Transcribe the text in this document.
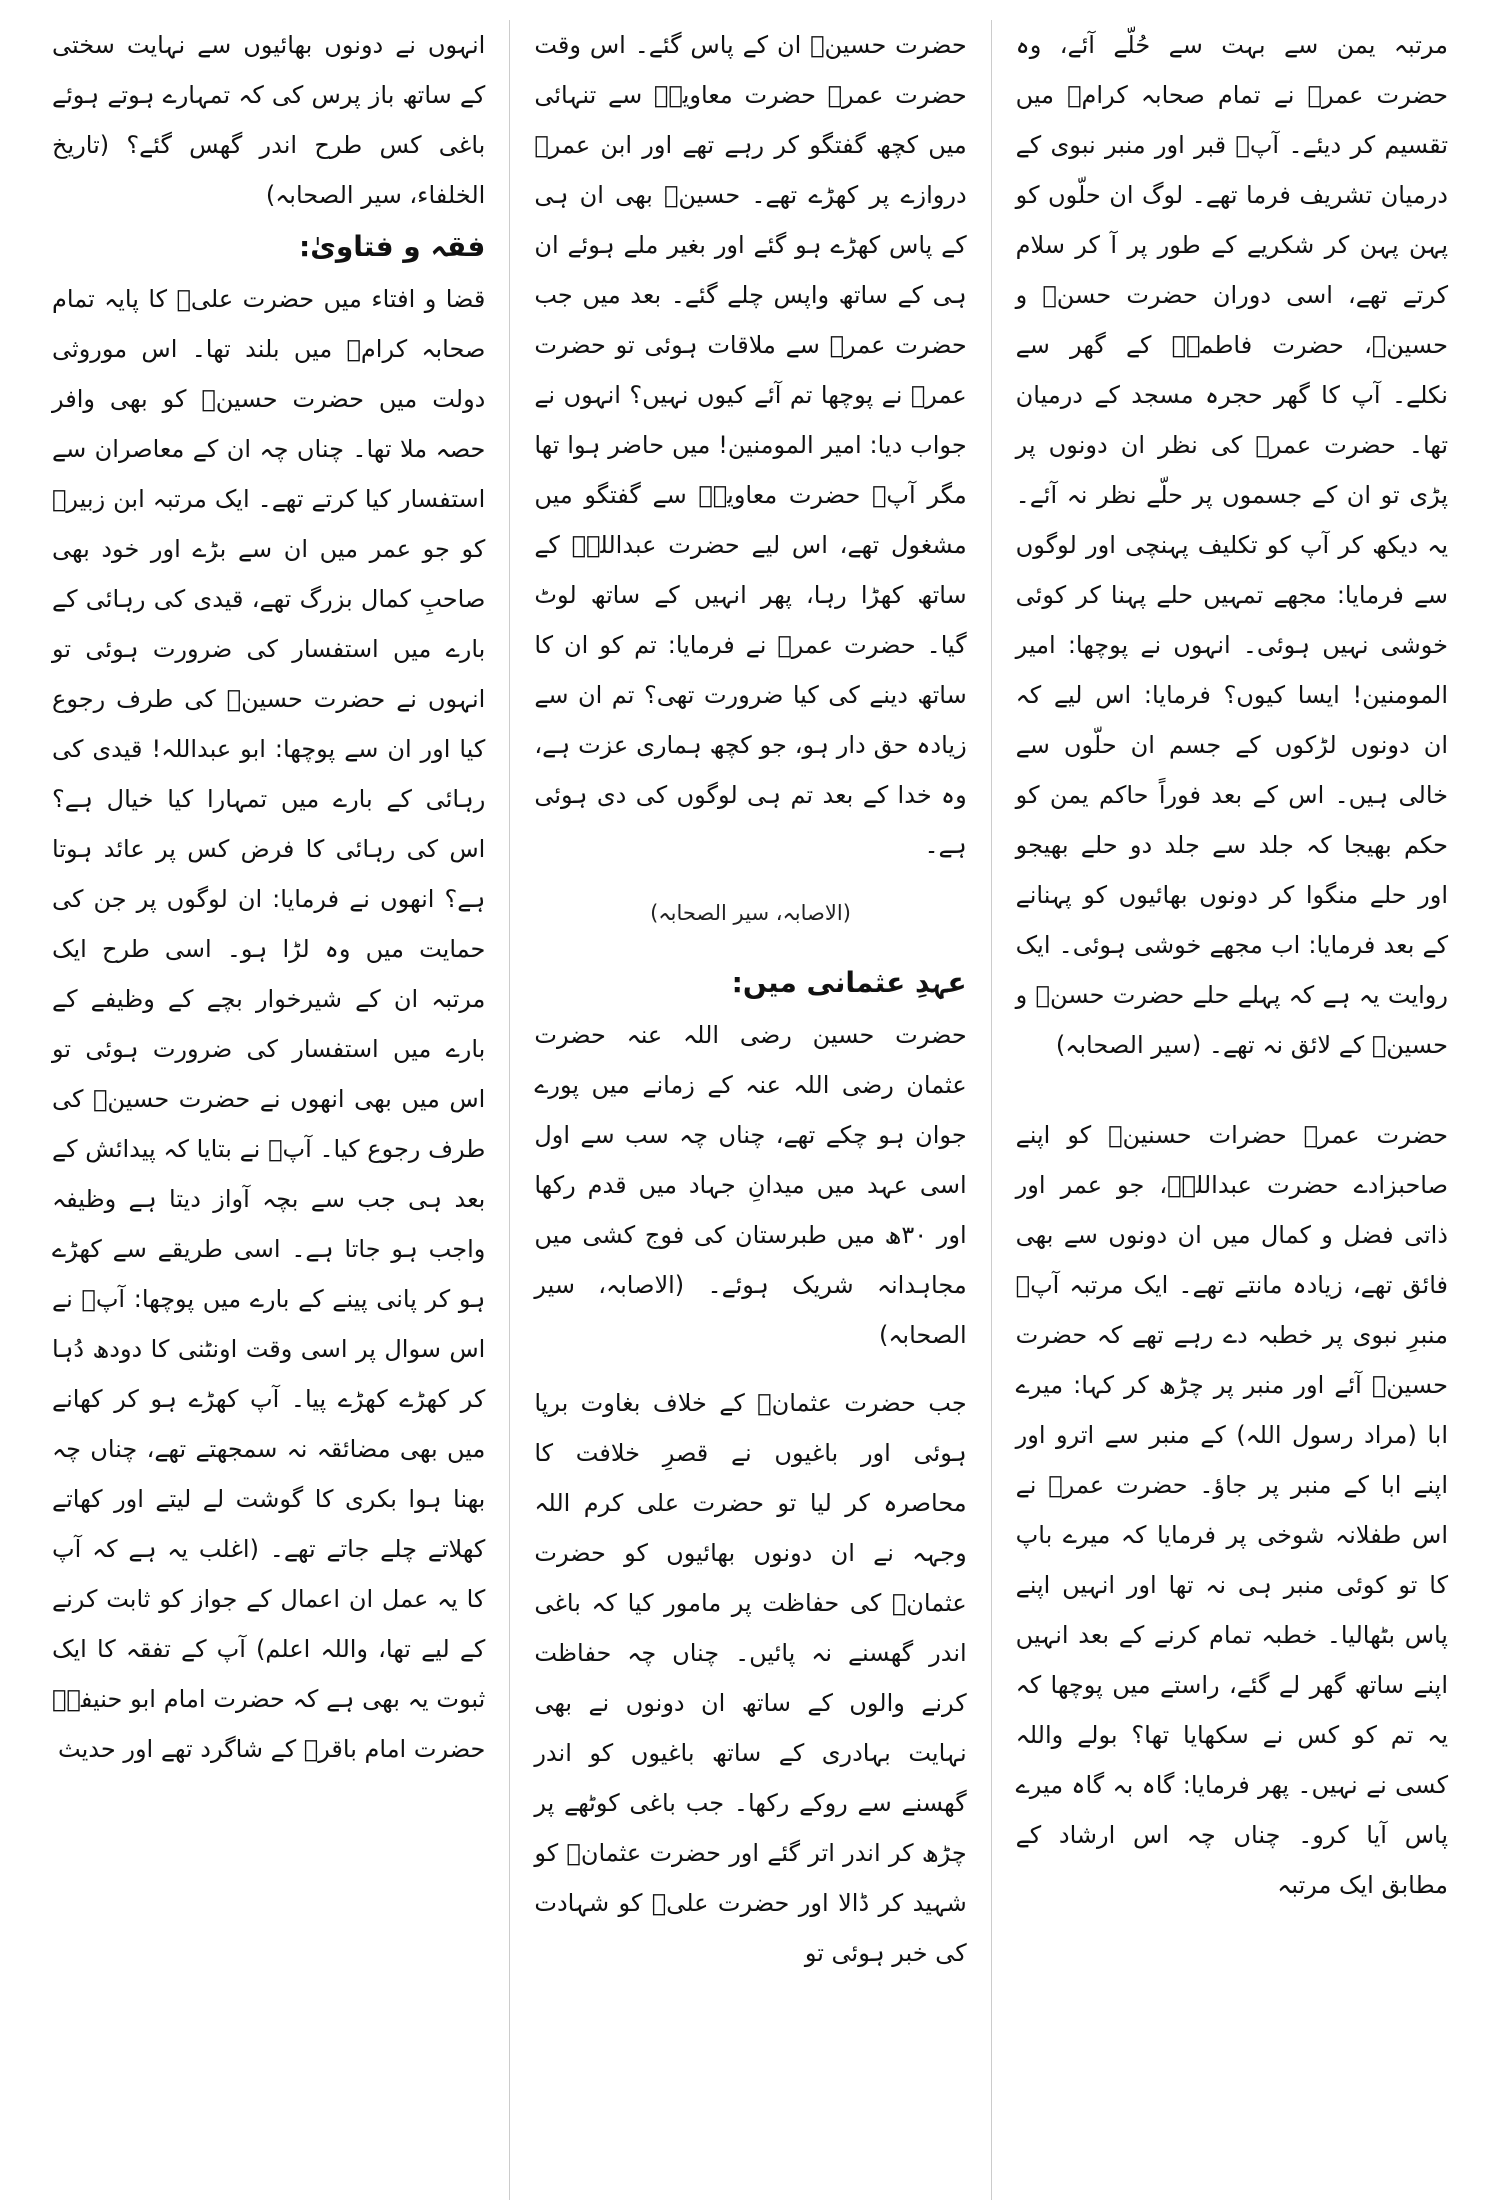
مرتبہ یمن سے بہت سے حُلّے آئے، وہ حضرت عمرؓ نے تمام صحابہ کرامؓ میں تقسیم کر دیئے۔ آپؓ قبر اور منبر نبوی کے درمیان تشریف فرما تھے۔ لوگ ان حلّوں کو پہن پہن کر شکریے کے طور پر آ کر سلام کرتے تھے، اسی دوران حضرت حسنؓ و حسینؓ، حضرت فاطمہؓ کے گھر سے نکلے۔ آپ کا گھر حجرہ مسجد کے درمیان تھا۔ حضرت عمرؓ کی نظر ان دونوں پر پڑی تو ان کے جسموں پر حلّے نظر نہ آئے۔ یہ دیکھ کر آپ کو تکلیف پہنچی اور لوگوں سے فرمایا: مجھے تمہیں حلے پہنا کر کوئی خوشی نہیں ہوئی۔ انہوں نے پوچھا: امیر المومنین! ایسا کیوں؟ فرمایا: اس لیے کہ ان دونوں لڑکوں کے جسم ان حلّوں سے خالی ہیں۔ اس کے بعد فوراً حاکم یمن کو حکم بھیجا کہ جلد سے جلد دو حلے بھیجو اور حلے منگوا کر دونوں بھائیوں کو پہنانے کے بعد فرمایا: اب مجھے خوشی ہوئی۔ ایک روایت یہ ہے کہ پہلے حلے حضرت حسنؓ و حسینؓ کے لائق نہ تھے۔ (سیر الصحابہ)

حضرت عمرؓ حضرات حسنینؓ کو اپنے صاحبزادے حضرت عبداللہؓ، جو عمر اور ذاتی فضل و کمال میں ان دونوں سے بھی فائق تھے، زیادہ مانتے تھے۔ ایک مرتبہ آپؓ منبرِ نبوی پر خطبہ دے رہے تھے کہ حضرت حسینؓ آئے اور منبر پر چڑھ کر کہا: میرے ابا (مراد رسول اللہ) کے منبر سے اترو اور اپنے ابا کے منبر پر جاؤ۔ حضرت عمرؓ نے اس طفلانہ شوخی پر فرمایا کہ میرے باپ کا تو کوئی منبر ہی نہ تھا اور انہیں اپنے پاس بٹھالیا۔ خطبہ تمام کرنے کے بعد انہیں اپنے ساتھ گھر لے گئے، راستے میں پوچھا کہ یہ تم کو کس نے سکھایا تھا؟ بولے واللہ کسی نے نہیں۔ پھر فرمایا: گاہ بہ گاہ میرے پاس آیا کرو۔ چناں چہ اس ارشاد کے مطابق ایک مرتبہ

حضرت حسینؓ ان کے پاس گئے۔ اس وقت حضرت عمرؓ حضرت معاویہؓ سے تنہائی میں کچھ گفتگو کر رہے تھے اور ابن عمرؓ دروازے پر کھڑے تھے۔ حسینؓ بھی ان ہی کے پاس کھڑے ہو گئے اور بغیر ملے ہوئے ان ہی کے ساتھ واپس چلے گئے۔ بعد میں جب حضرت عمرؓ سے ملاقات ہوئی تو حضرت عمرؓ نے پوچھا تم آئے کیوں نہیں؟ انہوں نے جواب دیا: امیر المومنین! میں حاضر ہوا تھا مگر آپؓ حضرت معاویہؓ سے گفتگو میں مشغول تھے، اس لیے حضرت عبداللہؓ کے ساتھ کھڑا رہا، پھر انہیں کے ساتھ لوٹ گیا۔ حضرت عمرؓ نے فرمایا: تم کو ان کا ساتھ دینے کی کیا ضرورت تھی؟ تم ان سے زیادہ حق دار ہو، جو کچھ ہماری عزت ہے، وہ خدا کے بعد تم ہی لوگوں کی دی ہوئی ہے۔

(الاصابہ، سیر الصحابہ)

عہدِ عثمانی میں:

حضرت حسین رضی اللہ عنہ حضرت عثمان رضی اللہ عنہ کے زمانے میں پورے جوان ہو چکے تھے، چناں چہ سب سے اول اسی عہد میں میدانِ جہاد میں قدم رکھا اور ۳۰ھ میں طبرستان کی فوج کشی میں مجاہدانہ شریک ہوئے۔ (الاصابہ، سیر الصحابہ)

جب حضرت عثمانؓ کے خلاف بغاوت برپا ہوئی اور باغیوں نے قصرِ خلافت کا محاصرہ کر لیا تو حضرت علی کرم اللہ وجہہ نے ان دونوں بھائیوں کو حضرت عثمانؓ کی حفاظت پر مامور کیا کہ باغی اندر گھسنے نہ پائیں۔ چناں چہ حفاظت کرنے والوں کے ساتھ ان دونوں نے بھی نہایت بہادری کے ساتھ باغیوں کو اندر گھسنے سے روکے رکھا۔ جب باغی کوٹھے پر چڑھ کر اندر اتر گئے اور حضرت عثمانؓ کو شہید کر ڈالا اور حضرت علیؓ کو شہادت کی خبر ہوئی تو

انہوں نے دونوں بھائیوں سے نہایت سختی کے ساتھ باز پرس کی کہ تمہارے ہوتے ہوئے باغی کس طرح اندر گھس گئے؟ (تاریخ الخلفاء، سیر الصحابہ)

فقہ و فتاویٰ:

قضا و افتاء میں حضرت علیؓ کا پایہ تمام صحابہ کرامؓ میں بلند تھا۔ اس موروثی دولت میں حضرت حسینؓ کو بھی وافر حصہ ملا تھا۔ چناں چہ ان کے معاصران سے استفسار کیا کرتے تھے۔ ایک مرتبہ ابن زبیرؓ کو جو عمر میں ان سے بڑے اور خود بھی صاحبِ کمال بزرگ تھے، قیدی کی رہائی کے بارے میں استفسار کی ضرورت ہوئی تو انہوں نے حضرت حسینؓ کی طرف رجوع کیا اور ان سے پوچھا: ابو عبداللہ! قیدی کی رہائی کے بارے میں تمہارا کیا خیال ہے؟ اس کی رہائی کا فرض کس پر عائد ہوتا ہے؟ انھوں نے فرمایا: ان لوگوں پر جن کی حمایت میں وہ لڑا ہو۔ اسی طرح ایک مرتبہ ان کے شیرخوار بچے کے وظیفے کے بارے میں استفسار کی ضرورت ہوئی تو اس میں بھی انھوں نے حضرت حسینؓ کی طرف رجوع کیا۔ آپؓ نے بتایا کہ پیدائش کے بعد ہی جب سے بچہ آواز دیتا ہے وظیفہ واجب ہو جاتا ہے۔ اسی طریقے سے کھڑے ہو کر پانی پینے کے بارے میں پوچھا: آپؓ نے اس سوال پر اسی وقت اونٹنی کا دودھ دُہا کر کھڑے کھڑے پیا۔ آپ کھڑے ہو کر کھانے میں بھی مضائقہ نہ سمجھتے تھے، چناں چہ بھنا ہوا بکری کا گوشت لے لیتے اور کھاتے کھلاتے چلے جاتے تھے۔ (اغلب یہ ہے کہ آپ کا یہ عمل ان اعمال کے جواز کو ثابت کرنے کے لیے تھا، واللہ اعلم) آپ کے تفقہ کا ایک ثبوت یہ بھی ہے کہ حضرت امام ابو حنیفہؒ حضرت امام باقرؒ کے شاگرد تھے اور حدیث
